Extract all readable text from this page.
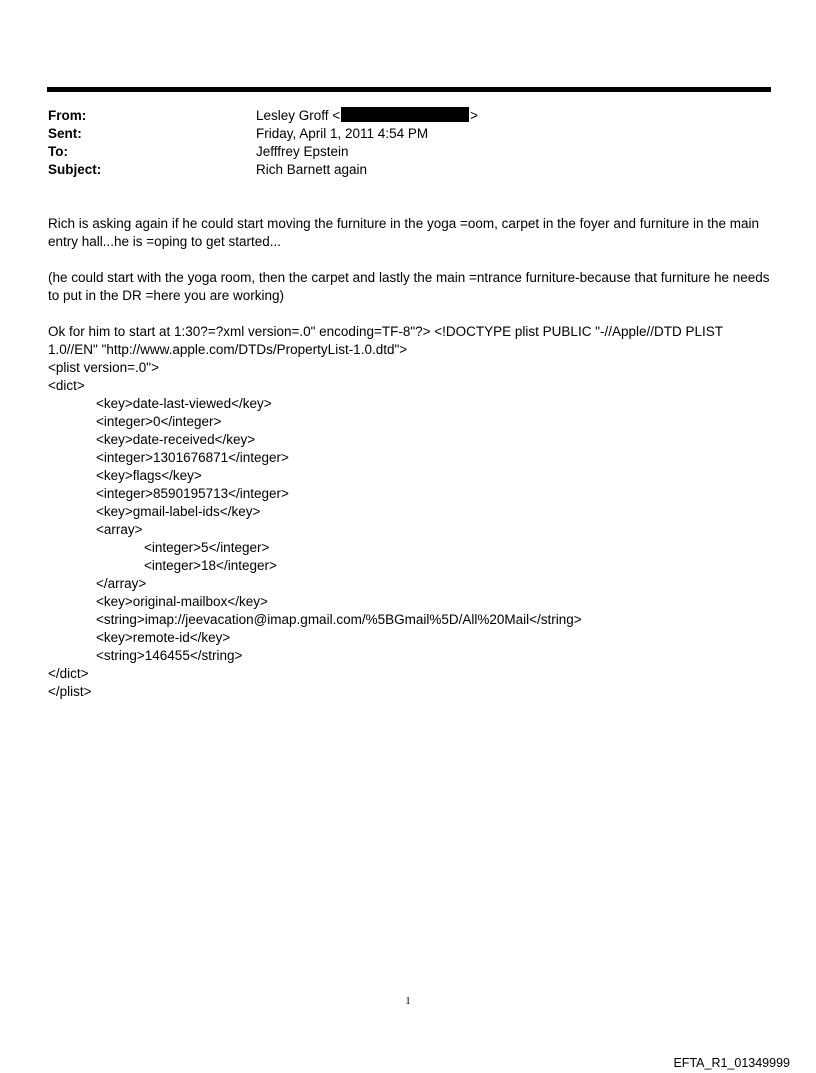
From:	Lesley Groff <	>
Sent:	Friday, April 1, 2011 4:54 PM
To:	Jefffrey Epstein
Subject:	Rich Barnett again

Rich is asking again if he could start moving the furniture in the yoga =oom, carpet in the foyer and furniture in the main entry hall...he is =oping to get started...

(he could start with the yoga room, then the carpet and lastly the main =ntrance furniture-because that furniture he needs to put in the DR =here you are working)

Ok for him to start at 1:30?=?xml version=.0" encoding=TF-8"?> <!DOCTYPE plist PUBLIC "-//Apple//DTD PLIST 1.0//EN" "http://www.apple.com/DTDs/PropertyList-1.0.dtd">

<plist version=.0">
<dict>
<key>date-last-viewed</key>
<integer>0</integer>
<key>date-received</key>
<integer>1301676871</integer>
<key>flags</key>
<integer>8590195713</integer>
<key>gmail-label-ids</key>
<array>
<integer>5</integer>
<integer>18</integer>
</array>
<key>original-mailbox</key>
<string>imap://jeevacation@imap.gmail.com/%5BGmail%5D/All%20Mail</string>
<key>remote-id</key>
<string>146455</string>
</dict>
</plist>
1
EFTA_R1_01349999
